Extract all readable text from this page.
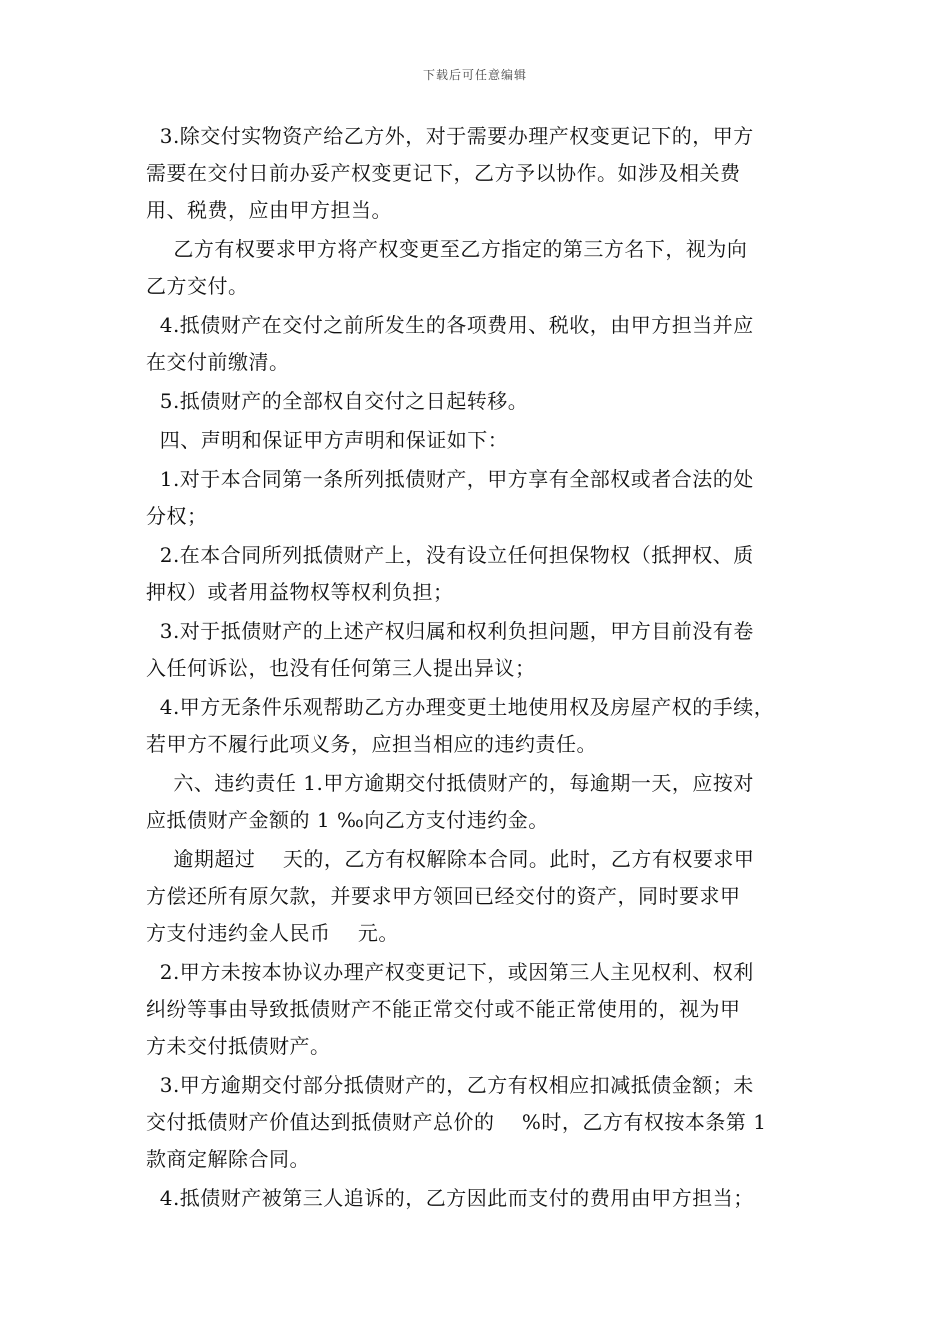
下载后可任意编辑
3.除交付实物资产给乙方外，对于需要办理产权变更记下的，甲方
需要在交付日前办妥产权变更记下，乙方予以协作。如涉及相关费
用、税费，应由甲方担当。
乙方有权要求甲方将产权变更至乙方指定的第三方名下，视为向
乙方交付。
4.抵债财产在交付之前所发生的各项费用、税收，由甲方担当并应
在交付前缴清。
5.抵债财产的全部权自交付之日起转移。
四、声明和保证甲方声明和保证如下：
1.对于本合同第一条所列抵债财产，甲方享有全部权或者合法的处
分权；
2.在本合同所列抵债财产上，没有设立任何担保物权（抵押权、质
押权）或者用益物权等权利负担；
3.对于抵债财产的上述产权归属和权利负担问题，甲方目前没有卷
入任何诉讼，也没有任何第三人提出异议；
4.甲方无条件乐观帮助乙方办理变更土地使用权及房屋产权的手续，
若甲方不履行此项义务，应担当相应的违约责任。
六、违约责任 1.甲方逾期交付抵债财产的，每逾期一天，应按对
应抵债财产金额的 1 ‰向乙方支付违约金。
逾期超过    天的，乙方有权解除本合同。此时，乙方有权要求甲
方偿还所有原欠款，并要求甲方领回已经交付的资产，同时要求甲
方支付违约金人民币    元。
2.甲方未按本协议办理产权变更记下，或因第三人主见权利、权利
纠纷等事由导致抵债财产不能正常交付或不能正常使用的，视为甲
方未交付抵债财产。
3.甲方逾期交付部分抵债财产的，乙方有权相应扣减抵债金额；未
交付抵债财产价值达到抵债财产总价的    %时，乙方有权按本条第 1
款商定解除合同。
4.抵债财产被第三人追诉的，乙方因此而支付的费用由甲方担当；
